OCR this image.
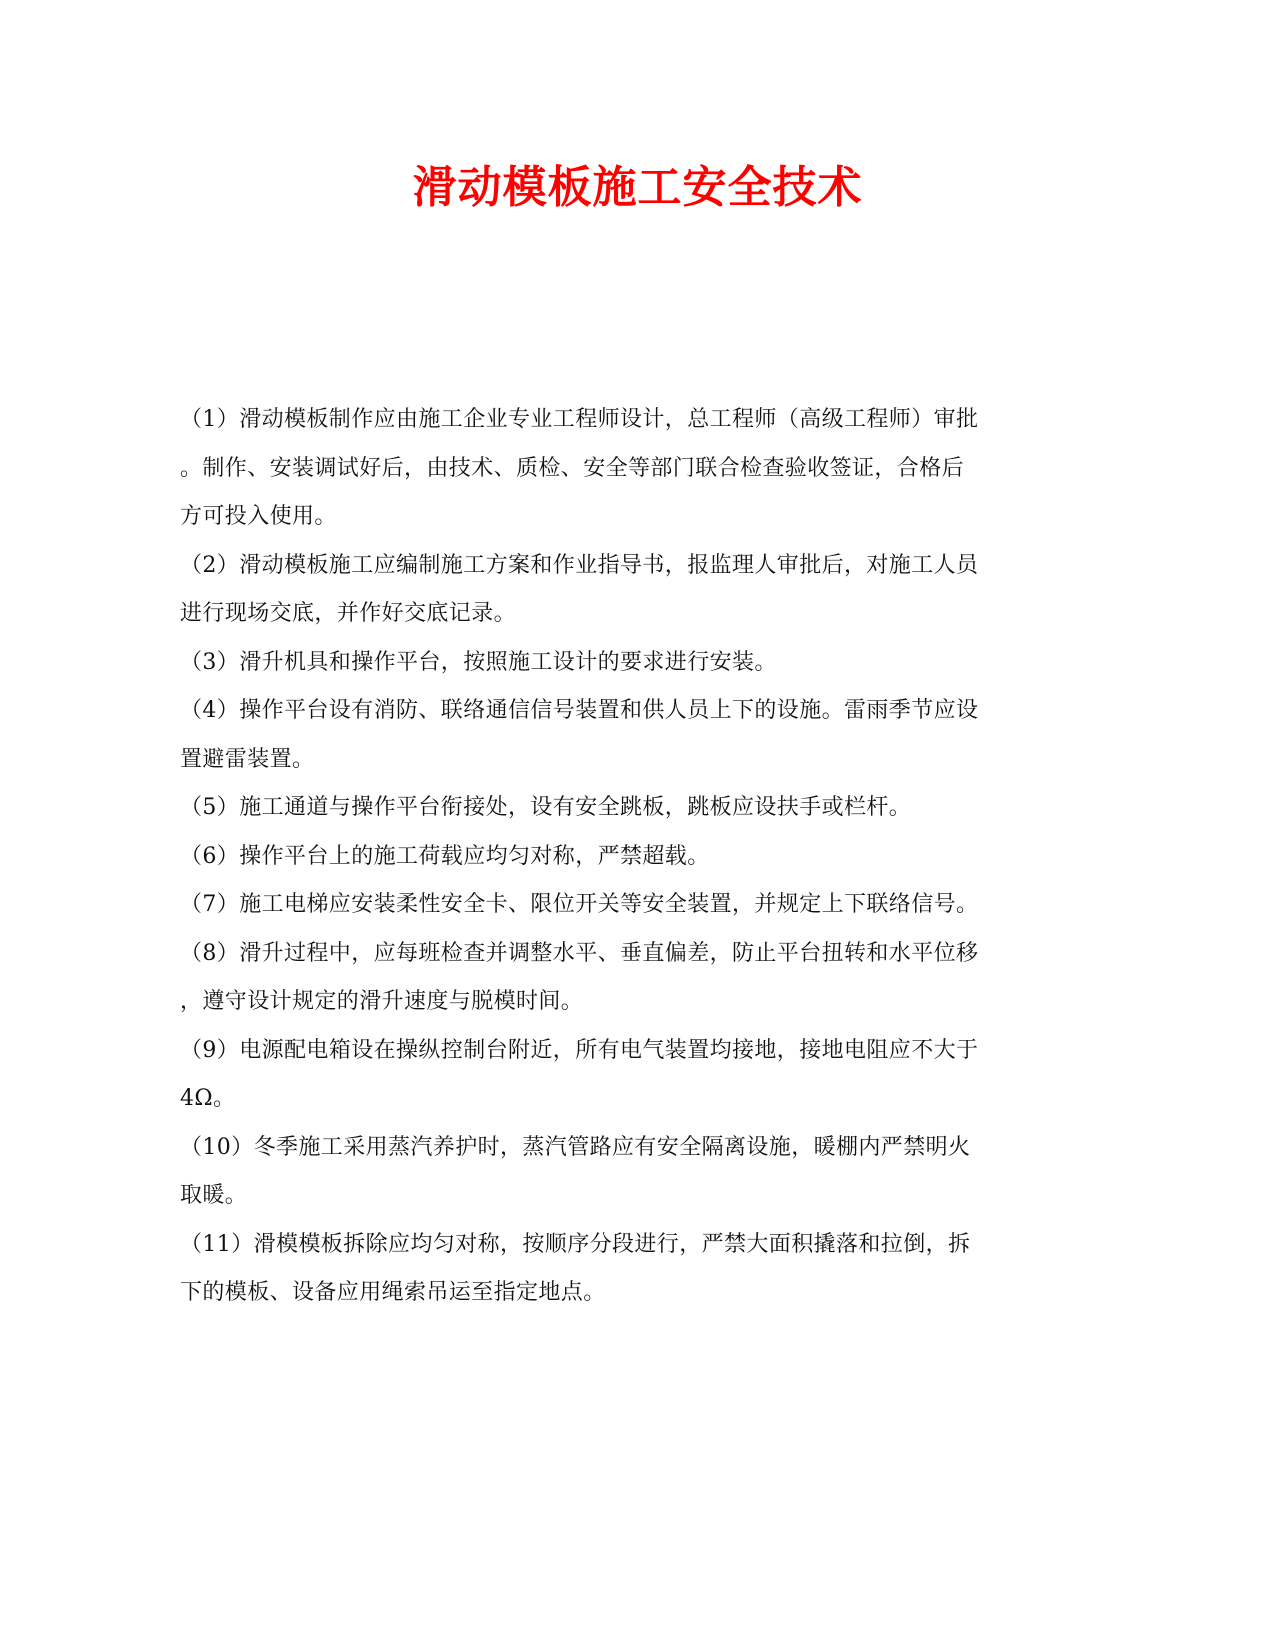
滑动模板施工安全技术

（1）滑动模板制作应由施工企业专业工程师设计，总工程师（高级工程师）审批
。制作、安装调试好后，由技术、质检、安全等部门联合检查验收签证，合格后
方可投入使用。

（2）滑动模板施工应编制施工方案和作业指导书，报监理人审批后，对施工人员
进行现场交底，并作好交底记录。

（3）滑升机具和操作平台，按照施工设计的要求进行安装。

（4）操作平台设有消防、联络通信信号装置和供人员上下的设施。雷雨季节应设
置避雷装置。

（5）施工通道与操作平台衔接处，设有安全跳板，跳板应设扶手或栏杆。

（6）操作平台上的施工荷载应均匀对称，严禁超载。

（7）施工电梯应安装柔性安全卡、限位开关等安全装置，并规定上下联络信号。

（8）滑升过程中，应每班检查并调整水平、垂直偏差，防止平台扭转和水平位移
，遵守设计规定的滑升速度与脱模时间。

（9）电源配电箱设在操纵控制台附近，所有电气装置均接地，接地电阻应不大于
4Ω。

（10）冬季施工采用蒸汽养护时，蒸汽管路应有安全隔离设施，暖棚内严禁明火
取暖。

（11）滑模模板拆除应均匀对称，按顺序分段进行，严禁大面积撬落和拉倒，拆
下的模板、设备应用绳索吊运至指定地点。
